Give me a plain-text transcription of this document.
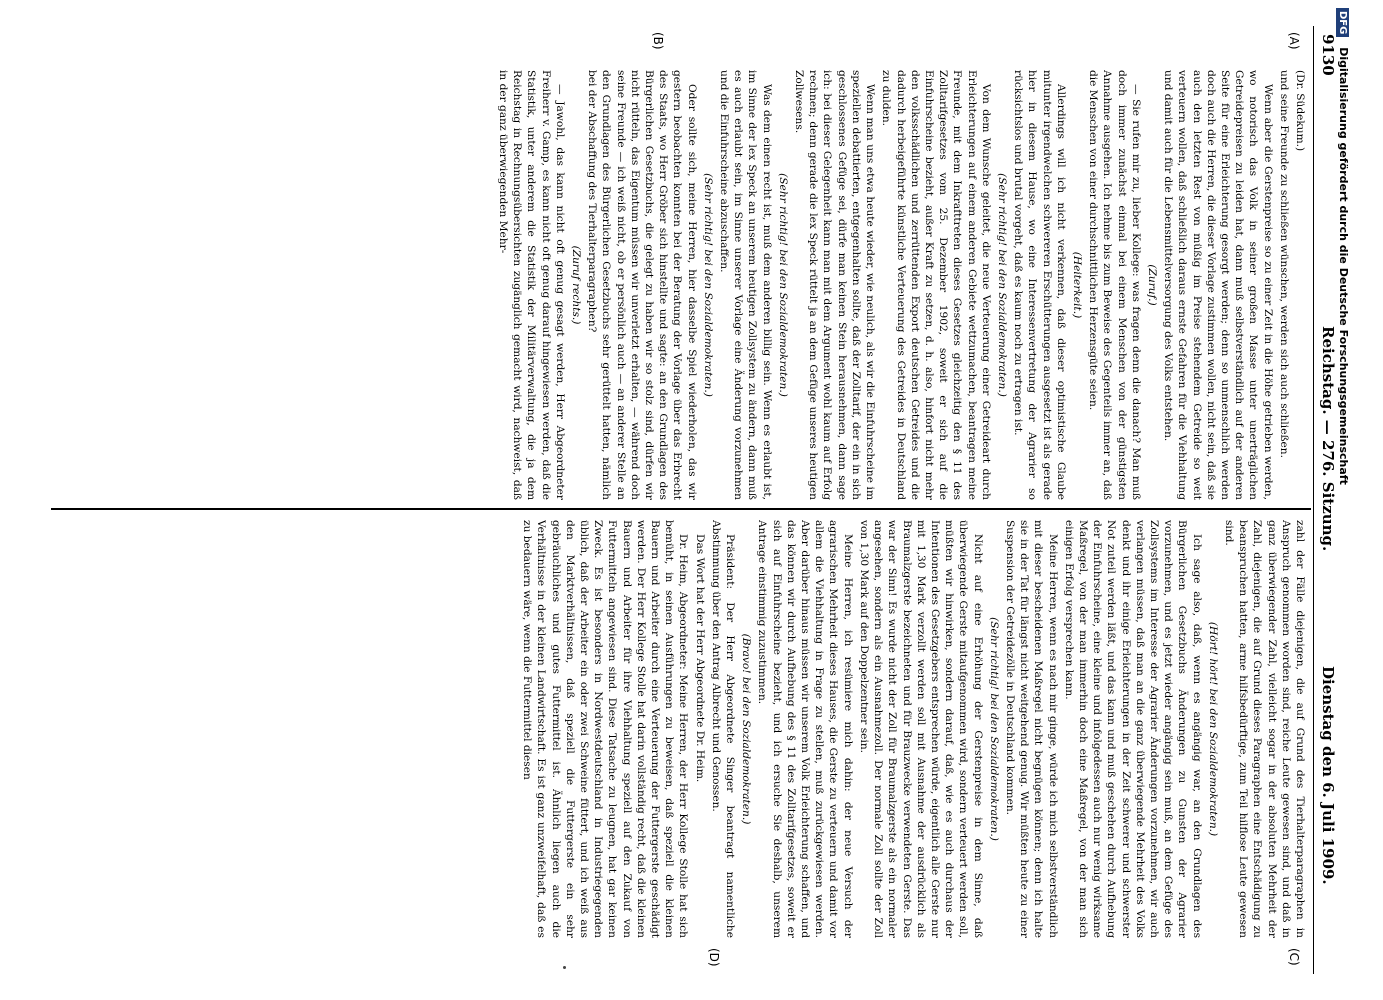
9130
Reichstag. — 276. Sitzung.
Dienstag den 6. Juli 1909.
(A)
(B)
(C)
(D)

(Dr. Südekum.)

und seine Freunde zu schließen wünschen, werden sich auch schließen.

Wenn aber die Gerstenpreise so zu einer Zeit in die Höhe getrieben werden, wo notorisch das Volk in seiner großen Masse unter unerträglichen Getreidepreisen zu leiden hat, dann muß selbstverständlich auf der anderen Seite für eine Erleichterung gesorgt werden; denn so unmenschlich werden doch auch die Herren, die dieser Vorlage zustimmen wollen, nicht sein, daß sie auch den letzten Rest von müßig im Preise stehendem Getreide so weit verteuern wollen, daß schließlich daraus ernste Gefahren für die Viehhaltung und damit auch für die Lebensmittelversorgung des Volks entstehen.

(Zuruf.)

— Sie rufen mir zu, lieber Kollege: was fragen denn die danach? Man muß doch immer zunächst einmal bei einem Menschen von der günstigsten Annahme ausgehen. Ich nehme bis zum Beweise des Gegenteils immer an, daß die Menschen von einer durchschnittlichen Herzensgüte seien.

(Heiterkeit.)

Allerdings will ich nicht verkennen, daß dieser optimistische Glaube mitunter irgendwelchen schwereren Erschütterungen ausgesetzt ist als gerade hier in diesem Hause, wo eine Interessenvertretung der Agrarier so rücksichtslos und brutal vorgeht, daß es kaum noch zu ertragen ist.

(Sehr richtig! bei den Sozialdemokraten.)

Von dem Wunsche geleitet, die neue Verteuerung einer Getreideart durch Erleichterungen auf einem anderen Gebiete wettzumachen, beantragen meine Freunde, mit dem Inkrafttreten dieses Gesetzes gleichzeitig den § 11 des Zolltarifgesetzes vom 25. Dezember 1902, soweit er sich auf die Einfuhrscheine bezieht, außer Kraft zu setzen, d. h. also, hinfort nicht mehr den volksschädlichen und zerrüttenden Export deutschen Getreides und die dadurch herbeigeführte künstliche Verteuerung des Getreides in Deutschland zu dulden.

Wenn man uns etwa heute wieder, wie neulich, als wir die Einfuhrscheine im speziellen debattierten, entgegenhalten sollte, daß der Zolltarif, der ein in sich geschlossenes Gefüge sei, dürfe man keinen Stein herausnehmen, dann sage ich: bei dieser Gelegenheit kann man mit dem Argument wohl kaum auf Erfolg rechnen; denn gerade die lex Speck rüttelt ja an dem Gefüge unseres heutigen Zollwesens.

(Sehr richtig! bei den Sozialdemokraten.)

Was dem einen recht ist, muß dem anderen billig sein. Wenn es erlaubt ist, im Sinne der lex Speck an unserem heutigen Zollsystem zu ändern, dann muß es auch erlaubt sein, im Sinne unserer Vorlage eine Änderung vorzunehmen und die Einfuhrscheine abzuschaffen.

(Sehr richtig! bei den Sozialdemokraten.)

Oder sollte sich, meine Herren, hier dasselbe Spiel wiederholen, das wir gestern beobachten konnten bei der Beratung der Vorlage über das Erbrecht des Staats, wo Herr Gröber sich hinstellte und sagte: an den Grundlagen des Bürgerlichen Gesetzbuchs, die gelegt zu haben wir so stolz sind, dürfen wir nicht rütteln, das Eigentum müssen wir unverletzt erhalten, — während doch seine Freunde — ich weiß nicht, ob er persönlich auch — an anderer Stelle an den Grundlagen des Bürgerlichen Gesetzbuchs sehr gerüttelt hatten, nämlich bei der Abschaffung des Tierhalterparagraphen?

(Zuruf rechts.)

— Jawohl, das kann nicht oft genug gesagt werden, Herr Abgeordneter Freiherr v. Gamp, es kann nicht oft genug darauf hingewiesen werden, daß die Statistik, unter anderem die Statistik der Militärverwaltung, die ja dem Reichstag in Rechnungsübersichten zugänglich gemacht wird, nachweist, daß in der ganz überwiegenden Mehr-

zahl der Fälle diejenigen, die auf Grund des Tierhalterparagraphen in Anspruch genommen worden sind, reiche Leute gewesen sind, und daß in ganz überwiegender Zahl, vielleicht sogar in der absoluten Mehrheit der Zahl, diejenigen, die auf Grund dieses Paragraphen eine Entschädigung zu beanspruchen hatten, arme hilfsbedürftige, zum Teil hilflose Leute gewesen sind.

(Hört! hört! bei den Sozialdemokraten.)

Ich sage also, daß, wenn es angängig war, an den Grundlagen des Bürgerlichen Gesetzbuchs Änderungen zu Gunsten der Agrarier vorzunehmen, und es jetzt wieder angängig sein muß, an dem Gefüge des Zollsystems im Interesse der Agrarier Änderungen vorzunehmen, wir auch verlangen müssen, daß man an die ganz überwiegende Mehrheit des Volks denkt und ihr einige Erleichterungen in der Zeit schwerer und schwerster Not zuteil werden läßt, und das kann und muß geschehen durch Aufhebung der Einfuhrscheine, eine kleine und infolgedessen auch nur wenig wirksame Maßregel, von der man immerhin doch eine Maßregel, von der man sich einigen Erfolg versprechen kann.

Meine Herren, wenn es nach mir ginge, würde ich mich selbstverständlich mit dieser bescheidenen Maßregel nicht begnügen können; denn ich halte sie in der Tat für längst nicht weitgehend genug. Wir müßten heute zu einer Suspension der Getreidezölle in Deutschland kommen.

(Sehr richtig! bei den Sozialdemokraten.)

Nicht auf eine Erhöhung der Gerstenpreise in dem Sinne, daß überwiegende Gerste mitaufgenommen wird, sondern verteuert werden soll, müßten wir hinwirken, sondern darauf, daß, wie es auch durchaus der Intentionen des Gesetzgebers entsprechen würde, eigentlich alle Gerste nur mit 1,30 Mark verzollt werden soll mit Ausnahme der ausdrücklich als Braumalzgerste bezeichneten und für Brauzwecke verwendeten Gerste. Das war der Sinn! Es wurde nicht der Zoll für Braumalzgerste als ein normaler angesehen, sondern als ein Ausnahmezoll. Der normale Zoll sollte der Zoll von 1,30 Mark auf den Doppelzentner sein.

Meine Herren, ich resümiere mich dahin: der neue Versuch der agrarischen Mehrheit dieses Hauses, die Gerste zu verteuern und damit vor allem die Viehhaltung in Frage zu stellen, muß zurückgewiesen werden. Aber darüber hinaus müssen wir unserem Volk Erleichterung schaffen, und das können wir durch Aufhebung des § 11 des Zolltarifgesetzes, soweit er sich auf Einfuhrscheine bezieht, und ich ersuche Sie deshalb, unserem Antrage einstimmig zuzustimmen.

(Bravo! bei den Sozialdemokraten.)

Präsident: Der Herr Abgeordnete Singer beantragt namentliche Abstimmung über den Antrag Albrecht und Genossen.

Das Wort hat der Herr Abgeordnete Dr. Heim.

Dr. Heim, Abgeordneter: Meine Herren, der Herr Kollege Stolle hat sich bemüht, in seinen Ausführungen zu beweisen, daß speziell die kleinen Bauern und Arbeiter durch eine Verteuerung der Futtergerste geschädigt werden. Der Herr Kollege Stolle hat darin vollständig recht, daß die kleinen Bauern und Arbeiter für ihre Viehhaltung speziell auf den Zukauf von Futtermitteln angewiesen sind. Diese Tatsache zu leugnen, hat gar keinen Zweck. Es ist besonders in Nordwestdeutschland in Industriegegenden üblich, daß der Arbeiter ein oder zwei Schweine füttert, und ich weiß aus den Marktverhältnissen, daß speziell die Futtergerste ein sehr gebräuchliches und gutes Futtermittel ist. Ähnlich liegen auch die Verhältnisse in der kleinen Landwirtschaft. Es ist ganz unzweifelhaft, daß es zu bedauern wäre, wenn die Futtermittel diesen

DFG Digitalisierung gefördert durch die Deutsche Forschungsgemeinschaft
